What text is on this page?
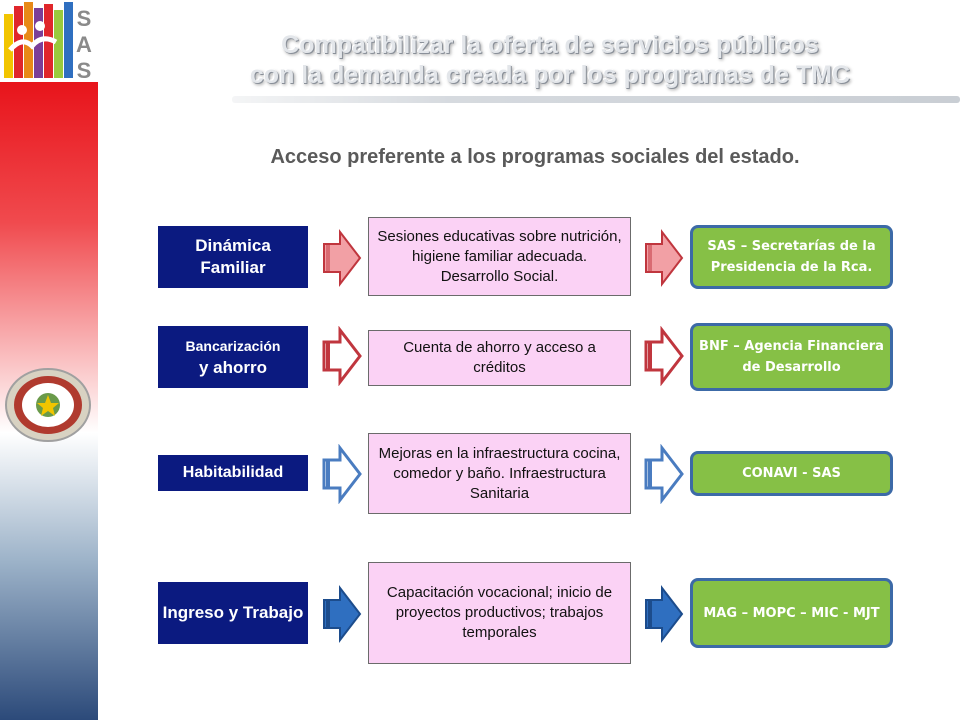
S
A
S
Compatibilizar la oferta de servicios públicos
con la demanda creada por los programas de TMC
Acceso preferente a los programas sociales del estado.
Dinámica Familiar
Sesiones educativas sobre nutrición, higiene familiar adecuada. Desarrollo Social.
SAS – Secretarías de la Presidencia de la Rca.
Bancarización
y ahorro
Cuenta de ahorro y acceso a créditos
BNF – Agencia Financiera de Desarrollo
Habitabilidad
Mejoras en la infraestructura cocina, comedor y baño. Infraestructura Sanitaria
CONAVI - SAS
Ingreso y Trabajo
Capacitación vocacional; inicio de proyectos productivos; trabajos temporales
MAG – MOPC – MIC - MJT
